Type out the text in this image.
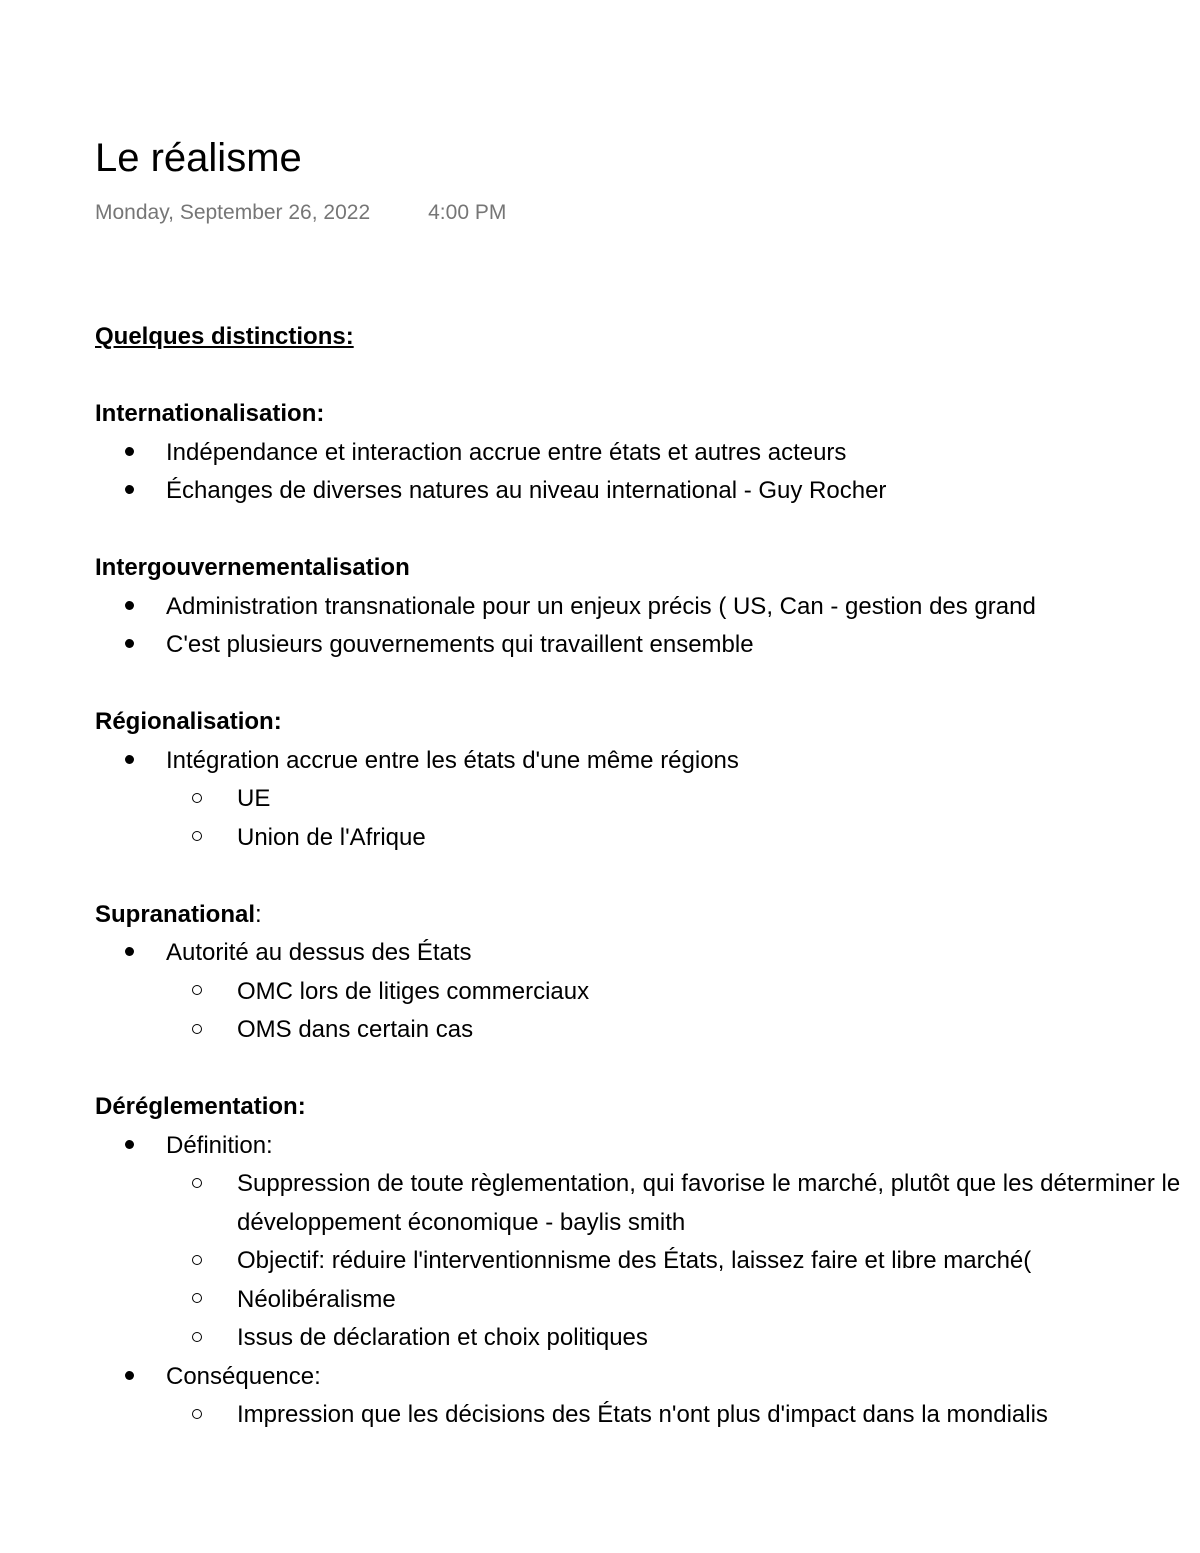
Le réalisme
Monday, September 26, 2022	4:00 PM
Quelques distinctions:
Internationalisation:
Indépendance et interaction accrue entre états et autres acteurs
Échanges de diverses natures au niveau international - Guy Rocher
Intergouvernementalisation
Administration transnationale pour un enjeux précis ( US, Can - gestion des grand
C'est plusieurs gouvernements qui travaillent ensemble
Régionalisation:
Intégration accrue entre les états d'une même régions
UE
Union de l'Afrique
Supranational:
Autorité au dessus des États
OMC lors de litiges commerciaux
OMS dans certain cas
Déréglementation:
Définition:
Suppression de toute règlementation, qui favorise le marché, plutôt que les déterminer le développement économique - baylis smith
Objectif: réduire l'interventionnisme des États, laissez faire et libre marché(
Néolibéralisme
Issus de déclaration et choix politiques
Conséquence:
Impression que les décisions des États n'ont plus d'impact dans la mondialis
